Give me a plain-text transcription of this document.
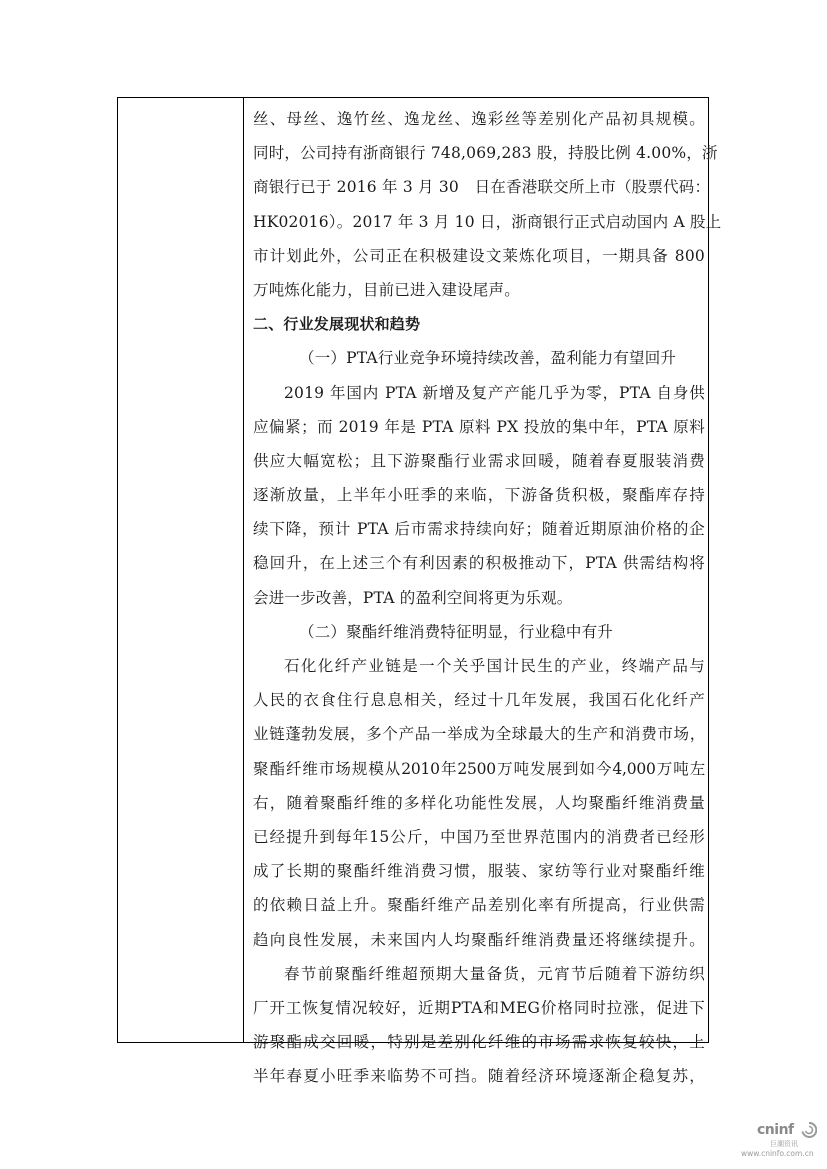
丝、母丝、逸竹丝、逸龙丝、逸彩丝等差别化产品初具规模。
同时，公司持有浙商银行 748,069,283 股，持股比例 4.00%，浙
商银行已于 2016 年 3 月 30　日在香港联交所上市（股票代码：
HK02016）。2017 年 3 月 10 日，浙商银行正式启动国内 A 股上
市计划此外，公司正在积极建设文莱炼化项目，一期具备 800
万吨炼化能力，目前已进入建设尾声。
二、行业发展现状和趋势
（一）PTA行业竞争环境持续改善，盈利能力有望回升
2019 年国内 PTA 新增及复产产能几乎为零，PTA 自身供
应偏紧；而 2019 年是 PTA 原料 PX 投放的集中年，PTA 原料
供应大幅宽松；且下游聚酯行业需求回暖，随着春夏服装消费
逐渐放量，上半年小旺季的来临，下游备货积极，聚酯库存持
续下降，预计 PTA 后市需求持续向好；随着近期原油价格的企
稳回升，在上述三个有利因素的积极推动下，PTA 供需结构将
会进一步改善，PTA 的盈利空间将更为乐观。
（二）聚酯纤维消费特征明显，行业稳中有升
石化化纤产业链是一个关乎国计民生的产业，终端产品与
人民的衣食住行息息相关，经过十几年发展，我国石化化纤产
业链蓬勃发展，多个产品一举成为全球最大的生产和消费市场，
聚酯纤维市场规模从2010年2500万吨发展到如今4,000万吨左
右，随着聚酯纤维的多样化功能性发展，人均聚酯纤维消费量
已经提升到每年15公斤，中国乃至世界范围内的消费者已经形
成了长期的聚酯纤维消费习惯，服装、家纺等行业对聚酯纤维
的依赖日益上升。聚酯纤维产品差别化率有所提高，行业供需
趋向良性发展，未来国内人均聚酯纤维消费量还将继续提升。
春节前聚酯纤维超预期大量备货，元宵节后随着下游纺织
厂开工恢复情况较好，近期PTA和MEG价格同时拉涨，促进下
游聚酯成交回暖，特别是差别化纤维的市场需求恢复较快，上
半年春夏小旺季来临势不可挡。随着经济环境逐渐企稳复苏，
cninf
巨潮资讯
www.cninfo.com.cn
